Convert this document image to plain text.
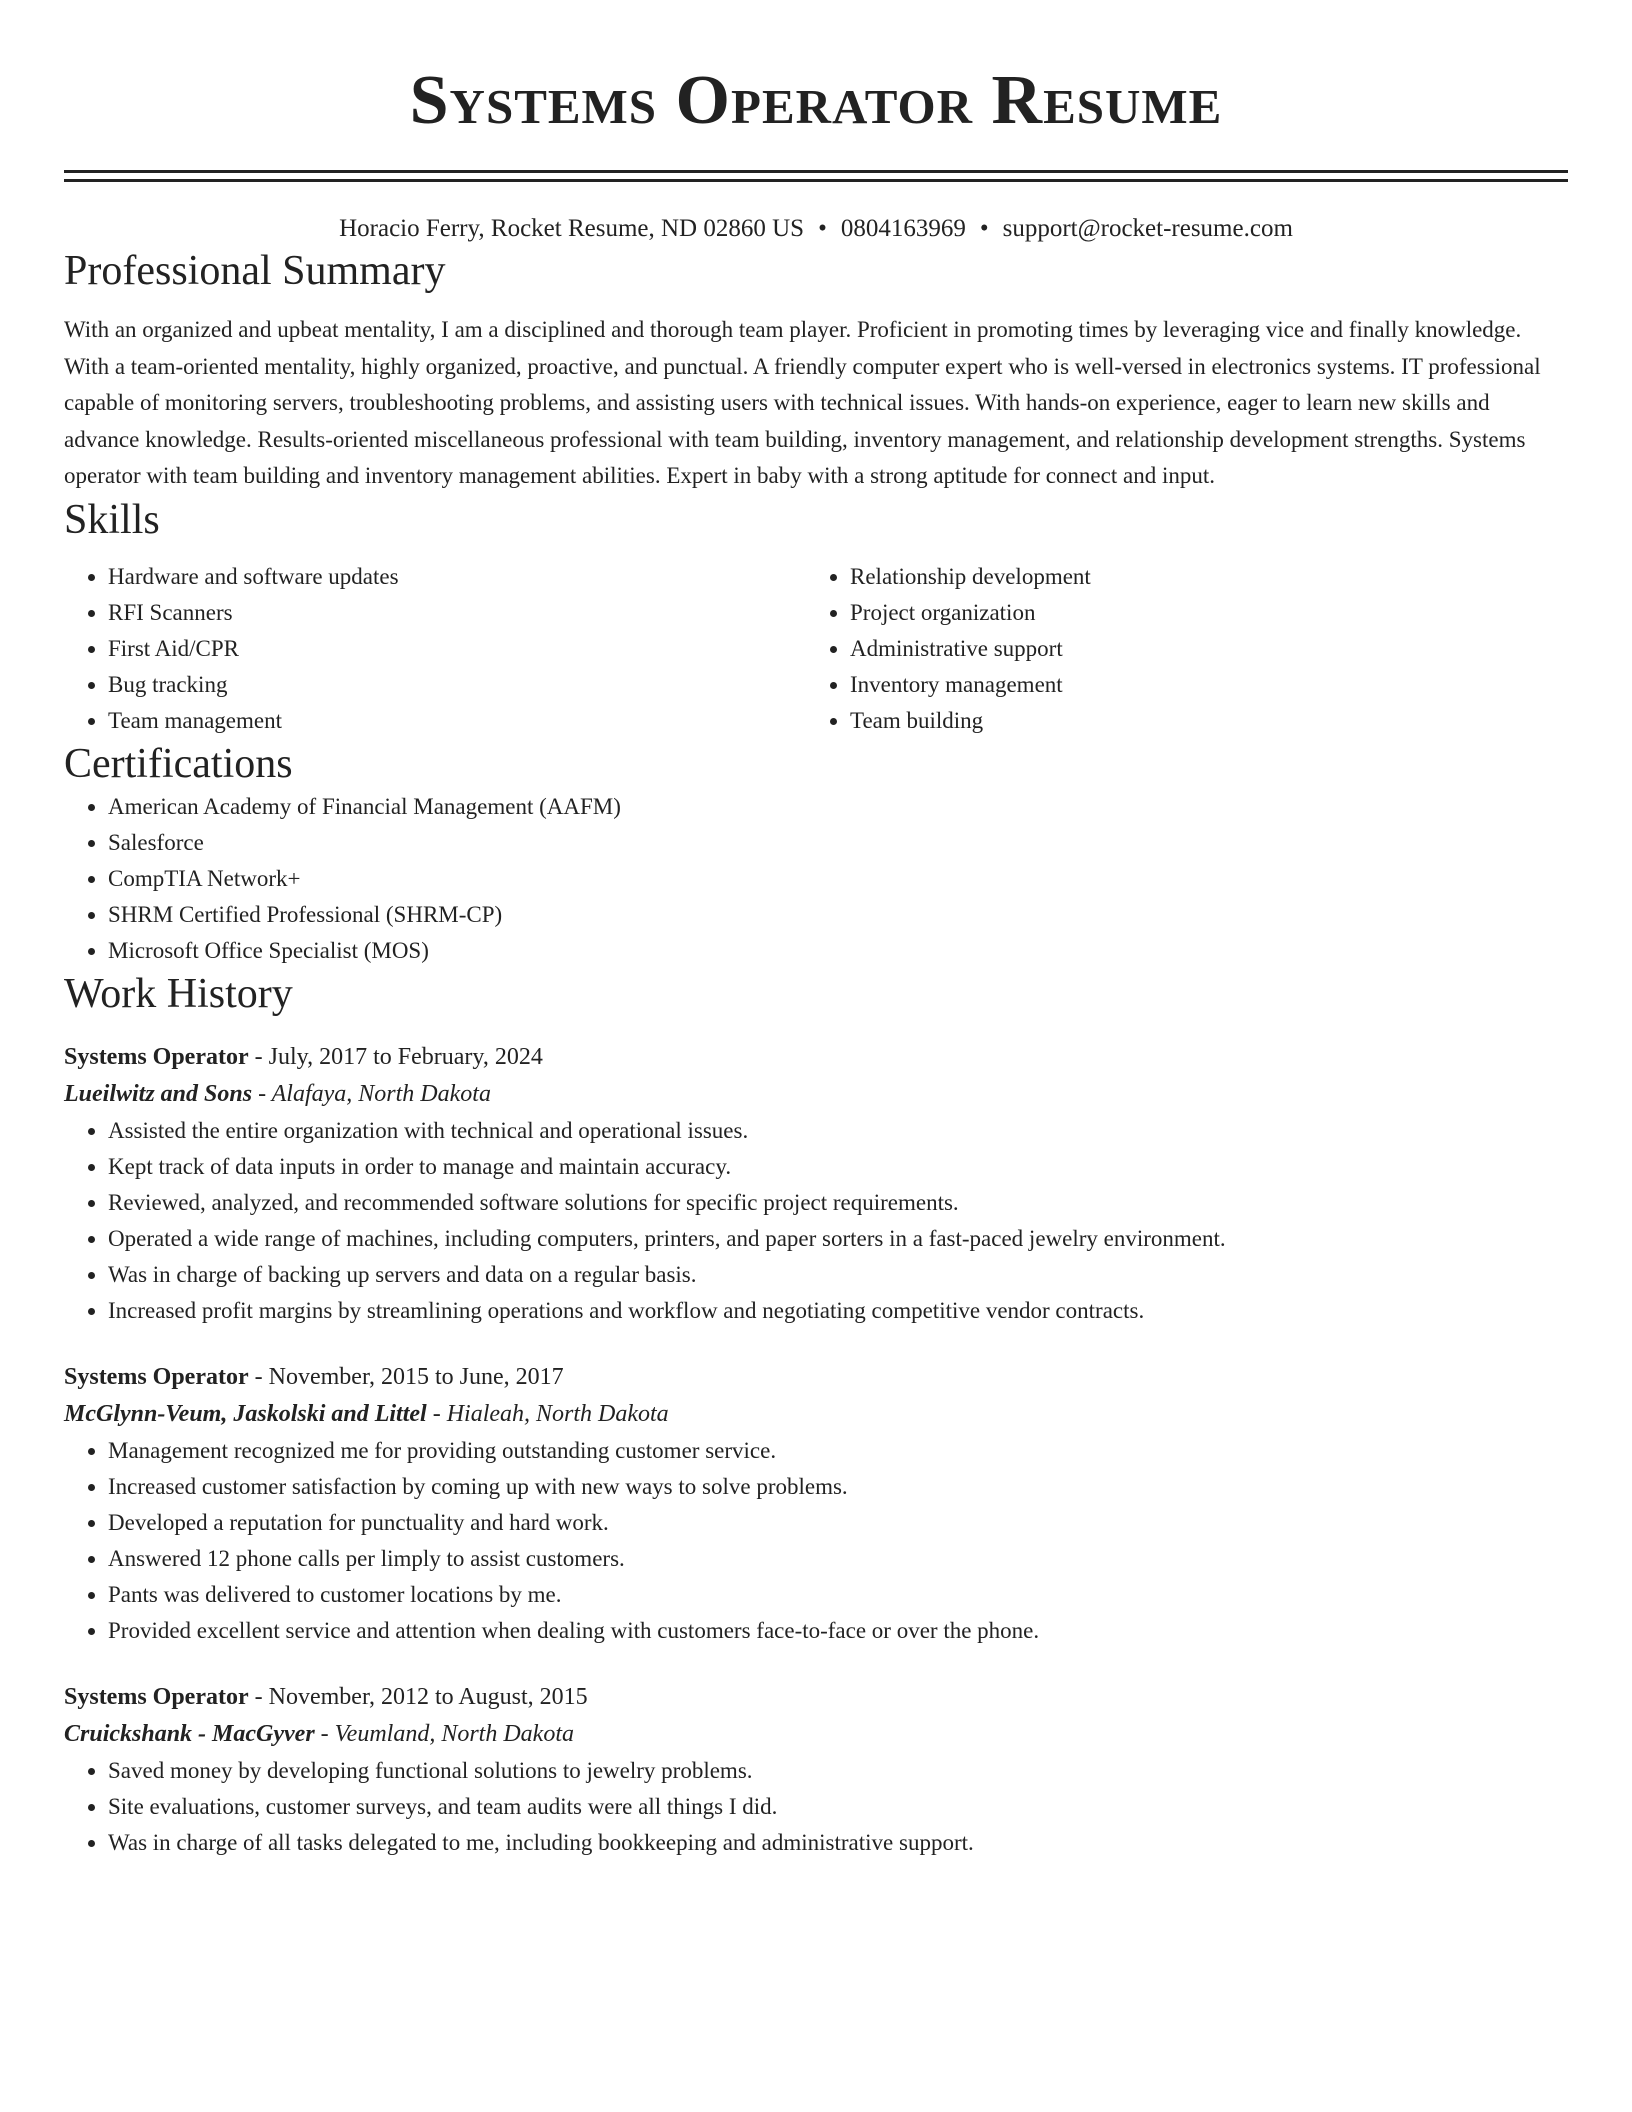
Systems Operator Resume
Horacio Ferry, Rocket Resume, ND 02860 US • 0804163969 • support@rocket-resume.com
Professional Summary

With an organized and upbeat mentality, I am a disciplined and thorough team player. Proficient in promoting times by leveraging vice and finally knowledge. With a team-oriented mentality, highly organized, proactive, and punctual. A friendly computer expert who is well-versed in electronics systems. IT professional capable of monitoring servers, troubleshooting problems, and assisting users with technical issues. With hands-on experience, eager to learn new skills and advance knowledge. Results-oriented miscellaneous professional with team building, inventory management, and relationship development strengths. Systems operator with team building and inventory management abilities. Expert in baby with a strong aptitude for connect and input.

Skills
• Hardware and software updates
• RFI Scanners
• First Aid/CPR
• Bug tracking
• Team management
• Relationship development
• Project organization
• Administrative support
• Inventory management
• Team building
Certifications
• American Academy of Financial Management (AAFM)
• Salesforce
• CompTIA Network+
• SHRM Certified Professional (SHRM-CP)
• Microsoft Office Specialist (MOS)
Work History
Systems Operator - July, 2017 to February, 2024
Lueilwitz and Sons - Alafaya, North Dakota
• Assisted the entire organization with technical and operational issues.
• Kept track of data inputs in order to manage and maintain accuracy.
• Reviewed, analyzed, and recommended software solutions for specific project requirements.
• Operated a wide range of machines, including computers, printers, and paper sorters in a fast-paced jewelry environment.
• Was in charge of backing up servers and data on a regular basis.
• Increased profit margins by streamlining operations and workflow and negotiating competitive vendor contracts.
Systems Operator - November, 2015 to June, 2017
McGlynn-Veum, Jaskolski and Littel - Hialeah, North Dakota
• Management recognized me for providing outstanding customer service.
• Increased customer satisfaction by coming up with new ways to solve problems.
• Developed a reputation for punctuality and hard work.
• Answered 12 phone calls per limply to assist customers.
• Pants was delivered to customer locations by me.
• Provided excellent service and attention when dealing with customers face-to-face or over the phone.
Systems Operator - November, 2012 to August, 2015
Cruickshank - MacGyver - Veumland, North Dakota
• Saved money by developing functional solutions to jewelry problems.
• Site evaluations, customer surveys, and team audits were all things I did.
• Was in charge of all tasks delegated to me, including bookkeeping and administrative support.
